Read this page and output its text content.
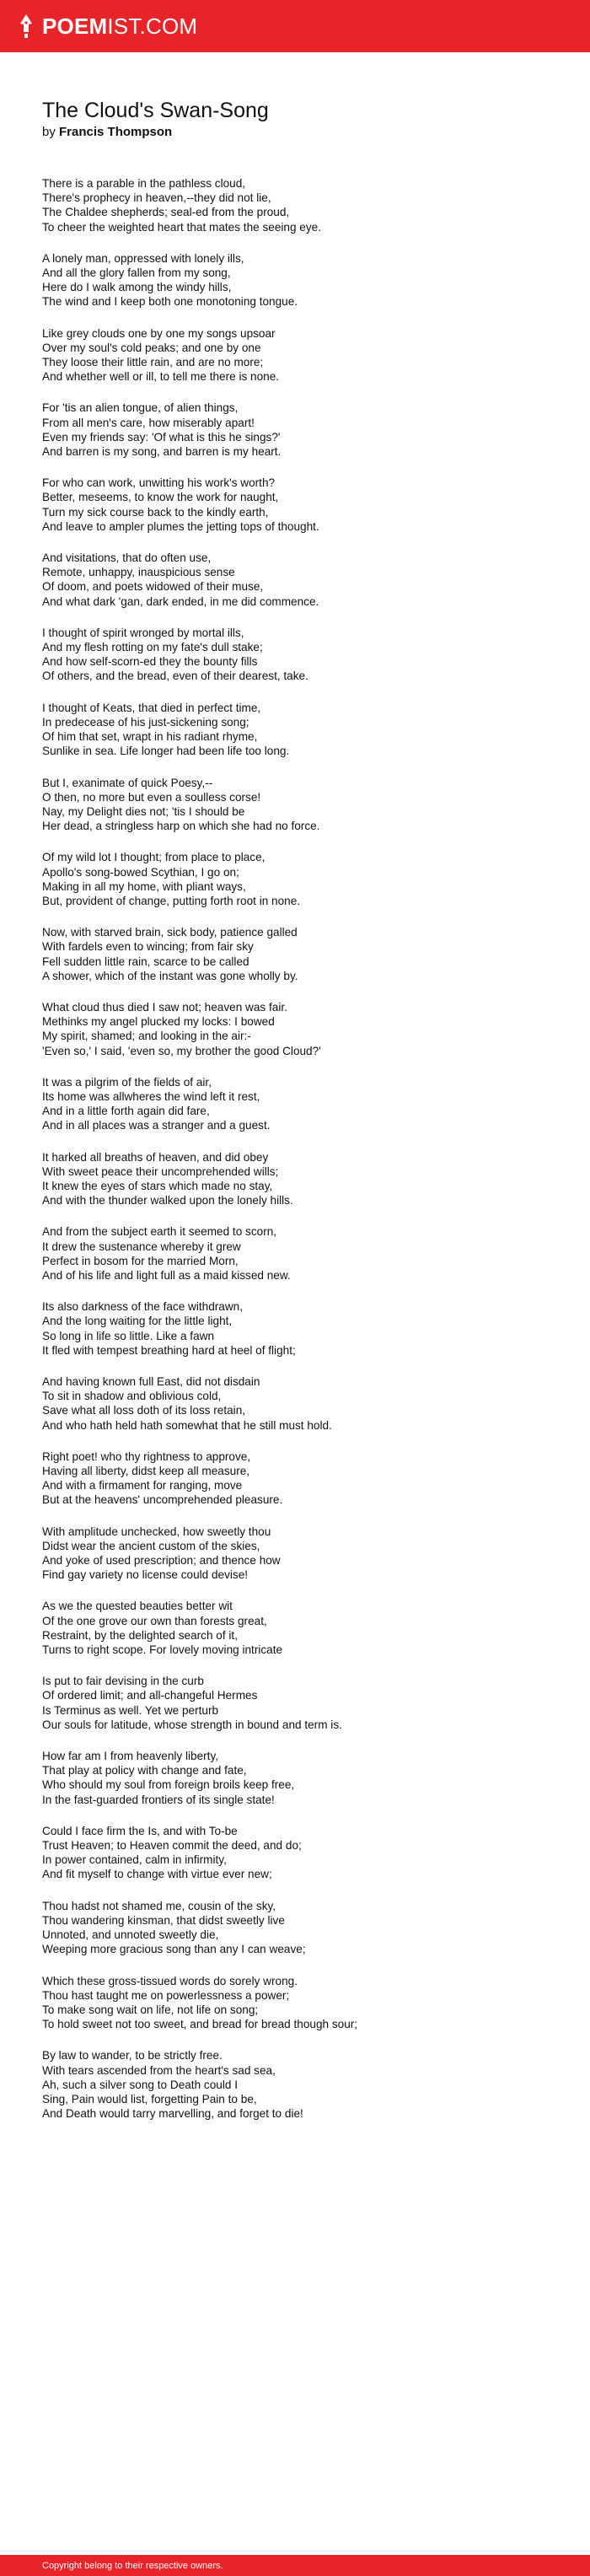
POEMIST.COM
The Cloud's Swan-Song
by Francis Thompson
There is a parable in the pathless cloud,
There's prophecy in heaven,--they did not lie,
The Chaldee shepherds; seal-ed from the proud,
To cheer the weighted heart that mates the seeing eye.
A lonely man, oppressed with lonely ills,
And all the glory fallen from my song,
Here do I walk among the windy hills,
The wind and I keep both one monotoning tongue.
Like grey clouds one by one my songs upsoar
Over my soul's cold peaks; and one by one
They loose their little rain, and are no more;
And whether well or ill, to tell me there is none.
For 'tis an alien tongue, of alien things,
From all men's care, how miserably apart!
Even my friends say: 'Of what is this he sings?'
And barren is my song, and barren is my heart.
For who can work, unwitting his work's worth?
Better, meseems, to know the work for naught,
Turn my sick course back to the kindly earth,
And leave to ampler plumes the jetting tops of thought.
And visitations, that do often use,
Remote, unhappy, inauspicious sense
Of doom, and poets widowed of their muse,
And what dark 'gan, dark ended, in me did commence.
I thought of spirit wronged by mortal ills,
And my flesh rotting on my fate's dull stake;
And how self-scorn-ed they the bounty fills
Of others, and the bread, even of their dearest, take.
I thought of Keats, that died in perfect time,
In predecease of his just-sickening song;
Of him that set, wrapt in his radiant rhyme,
Sunlike in sea. Life longer had been life too long.
But I, exanimate of quick Poesy,--
O then, no more but even a soulless corse!
Nay, my Delight dies not; 'tis I should be
Her dead, a stringless harp on which she had no force.
Of my wild lot I thought; from place to place,
Apollo's song-bowed Scythian, I go on;
Making in all my home, with pliant ways,
But, provident of change, putting forth root in none.
Now, with starved brain, sick body, patience galled
With fardels even to wincing; from fair sky
Fell sudden little rain, scarce to be called
A shower, which of the instant was gone wholly by.
What cloud thus died I saw not; heaven was fair.
Methinks my angel plucked my locks: I bowed
My spirit, shamed; and looking in the air:-
'Even so,' I said, 'even so, my brother the good Cloud?'
It was a pilgrim of the fields of air,
Its home was allwheres the wind left it rest,
And in a little forth again did fare,
And in all places was a stranger and a guest.
It harked all breaths of heaven, and did obey
With sweet peace their uncomprehended wills;
It knew the eyes of stars which made no stay,
And with the thunder walked upon the lonely hills.
And from the subject earth it seemed to scorn,
It drew the sustenance whereby it grew
Perfect in bosom for the married Morn,
And of his life and light full as a maid kissed new.
Its also darkness of the face withdrawn,
And the long waiting for the little light,
So long in life so little. Like a fawn
It fled with tempest breathing hard at heel of flight;
And having known full East, did not disdain
To sit in shadow and oblivious cold,
Save what all loss doth of its loss retain,
And who hath held hath somewhat that he still must hold.
Right poet! who thy rightness to approve,
Having all liberty, didst keep all measure,
And with a firmament for ranging, move
But at the heavens' uncomprehended pleasure.
With amplitude unchecked, how sweetly thou
Didst wear the ancient custom of the skies,
And yoke of used prescription; and thence how
Find gay variety no license could devise!
As we the quested beauties better wit
Of the one grove our own than forests great,
Restraint, by the delighted search of it,
Turns to right scope. For lovely moving intricate
Is put to fair devising in the curb
Of ordered limit; and all-changeful Hermes
Is Terminus as well. Yet we perturb
Our souls for latitude, whose strength in bound and term is.
How far am I from heavenly liberty,
That play at policy with change and fate,
Who should my soul from foreign broils keep free,
In the fast-guarded frontiers of its single state!
Could I face firm the Is, and with To-be
Trust Heaven; to Heaven commit the deed, and do;
In power contained, calm in infirmity,
And fit myself to change with virtue ever new;
Thou hadst not shamed me, cousin of the sky,
Thou wandering kinsman, that didst sweetly live
Unnoted, and unnoted sweetly die,
Weeping more gracious song than any I can weave;
Which these gross-tissued words do sorely wrong.
Thou hast taught me on powerlessness a power;
To make song wait on life, not life on song;
To hold sweet not too sweet, and bread for bread though sour;
By law to wander, to be strictly free.
With tears ascended from the heart's sad sea,
Ah, such a silver song to Death could I
Sing, Pain would list, forgetting Pain to be,
And Death would tarry marvelling, and forget to die!
Copyright belong to their respective owners.
